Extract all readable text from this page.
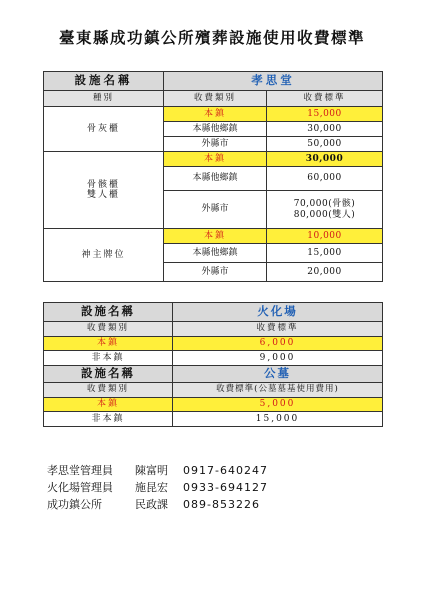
臺東縣成功鎮公所殯葬設施使用收費標準
設施名稱	孝思堂	
種別	收費類別	收費標準
骨灰櫃	本鎮	15,000
	本縣他鄉鎮	30,000
	外縣市	50,000

骨骸櫃
雙人櫃	本鎮	30,000
	本縣他鄉鎮	60,000
	外縣市	70,000(骨骸)
80,000(雙人)

神主牌位	本鎮	10,000
	本縣他鄉鎮	15,000
	外縣市	20,000
設施名稱	火化場
收費類別	收費標準
本鎮	6,000
非本鎮	9,000
設施名稱	公墓
收費類別	收費標準(公墓墓基使用費用)
本鎮	5,000
非本鎮	15,000
孝思堂管理員	陳富明	0917-640247
火化場管理員	施昆宏	0933-694127
成功鎮公所	民政課	089-853226
